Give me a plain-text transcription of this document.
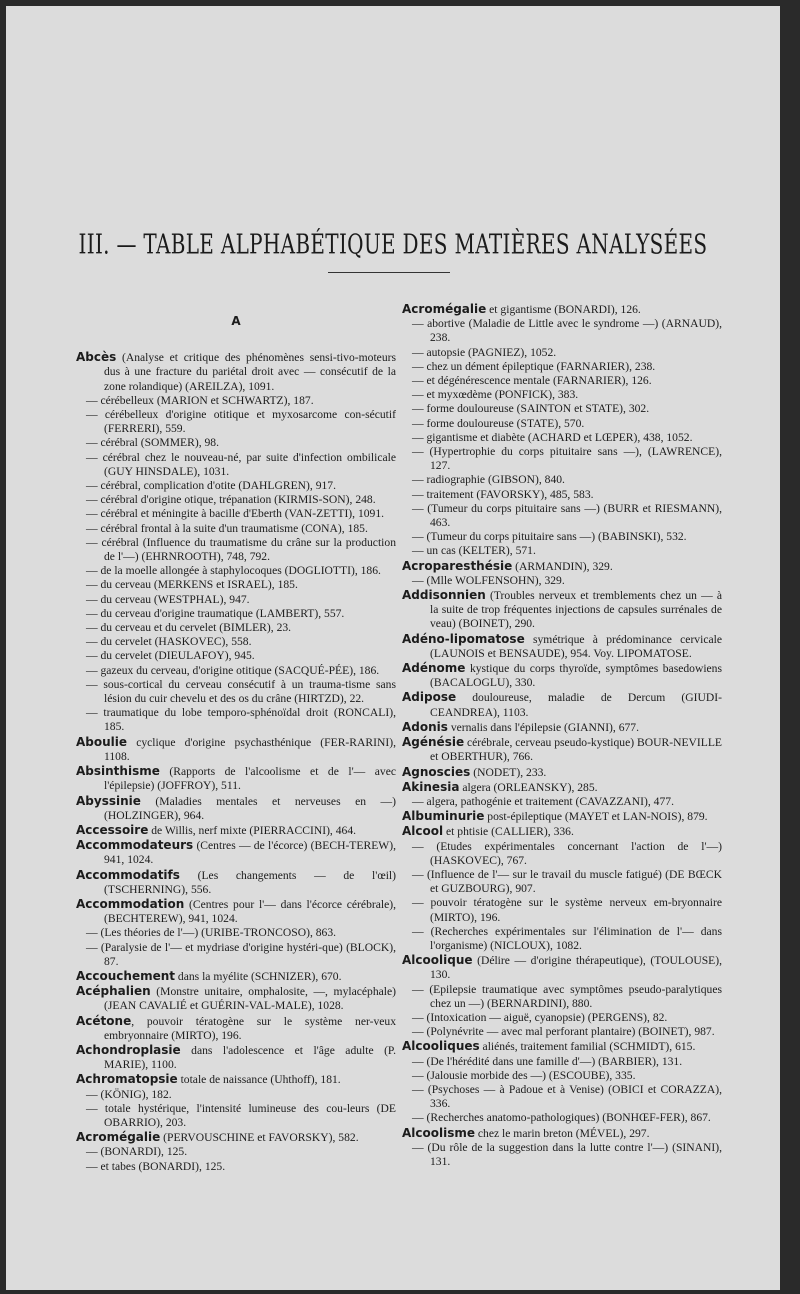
III. — TABLE ALPHABÉTIQUE DES MATIÈRES ANALYSÉES
A
Abcès (Analyse et critique des phénomènes sensi-tivo-moteurs dus à une fracture du pariétal droit avec — consécutif de la zone rolandique) (AREILZA), 1091.
— cérébelleux (MARION et SCHWARTZ), 187.
— cérébelleux d'origine otitique et myxosarcome con-sécutif (FERRERI), 559.
— cérébral (SOMMER), 98.
— cérébral chez le nouveau-né, par suite d'infection ombilicale (GUY HINSDALE), 1031.
— cérébral, complication d'otite (DAHLGREN), 917.
— cérébral d'origine otique, trépanation (KIRMIS-SON), 248.
— cérébral et méningite à bacille d'Eberth (VAN-ZETTI), 1091.
— cérébral frontal à la suite d'un traumatisme (CONA), 185.
— cérébral (Influence du traumatisme du crâne sur la production de l'—) (EHRNROOTH), 748, 792.
— de la moelle allongée à staphylocoques (DOGLIOTTI), 186.
— du cerveau (MERKENS et ISRAEL), 185.
— du cerveau (WESTPHAL), 947.
— du cerveau d'origine traumatique (LAMBERT), 557.
— du cerveau et du cervelet (BIMLER), 23.
— du cervelet (HASKOVEC), 558.
— du cervelet (DIEULAFOY), 945.
— gazeux du cerveau, d'origine otitique (SACQUÉ-PÉE), 186.
— sous-cortical du cerveau consécutif à un trauma-tisme sans lésion du cuir chevelu et des os du crâne (HIRTZD), 22.
— traumatique du lobe temporo-sphénoïdal droit (RONCALI), 185.
Aboulie cyclique d'origine psychasthénique (FER-RARINI), 1108.
Absinthisme (Rapports de l'alcoolisme et de l'— avec l'épilepsie) (JOFFROY), 511.
Abyssinie (Maladies mentales et nerveuses en —) (HOLZINGER), 964.
Accessoire de Willis, nerf mixte (PIERRACCINI), 464.
Accommodateurs (Centres — de l'écorce) (BECH-TEREW), 941, 1024.
Accommodatifs (Les changements — de l'œil) (TSCHERNING), 556.
Accommodation (Centres pour l'— dans l'écorce cérébrale), (BECHTEREW), 941, 1024.
— (Les théories de l'—) (URIBE-TRONCOSO), 863.
— (Paralysie de l'— et mydriase d'origine hystéri-que) (BLOCK), 87.
Accouchement dans la myélite (SCHNIZER), 670.
Acéphalien (Monstre unitaire, omphalosite, —, mylacéphale) (JEAN CAVALIÉ et GUÉRIN-VAL-MALE), 1028.
Acétone, pouvoir tératogène sur le système ner-veux embryonnaire (MIRTO), 196.
Achondroplasie dans l'adolescence et l'âge adulte (P. MARIE), 1100.
Achromatopsie totale de naissance (Uhthoff), 181.
— (KÖNIG), 182.
— totale hystérique, l'intensité lumineuse des cou-leurs (DE OBARRIO), 203.
Acromégalie (PERVOUSCHINE et FAVORSKY), 582.
— (BONARDI), 125.
— et tabes (BONARDI), 125.
Acromégalie et gigantisme (BONARDI), 126.
— abortive (Maladie de Little avec le syndrome —) (ARNAUD), 238.
— autopsie (PAGNIEZ), 1052.
— chez un dément épileptique (FARNARIER), 238.
— et dégénérescence mentale (FARNARIER), 126.
— et myxœdème (PONFICK), 383.
— forme douloureuse (SAINTON et STATE), 302.
— forme douloureuse (STATE), 570.
— gigantisme et diabète (ACHARD et LŒPER), 438, 1052.
— (Hypertrophie du corps pituitaire sans —), (LAWRENCE), 127.
— radiographie (GIBSON), 840.
— traitement (FAVORSKY), 485, 583.
— (Tumeur du corps pituitaire sans —) (BURR et RIESMANN), 463.
— (Tumeur du corps pituitaire sans —) (BABINSKI), 532.
— un cas (KELTER), 571.
Acroparesthésie (ARMANDIN), 329.
— (Mlle WOLFENSOHN), 329.
Addisonnien (Troubles nerveux et tremblements chez un — à la suite de trop fréquentes injections de capsules surrénales de veau) (BOINET), 290.
Adéno-lipomatose symétrique à prédominance cervicale (LAUNOIS et BENSAUDE), 954. Voy. LIPOMATOSE.
Adénome kystique du corps thyroïde, symptômes basedowiens (BACALOGLU), 330.
Adipose douloureuse, maladie de Dercum (GIUDI-CEANDREA), 1103.
Adonis vernalis dans l'épilepsie (GIANNI), 677.
Agénésie cérébrale, cerveau pseudo-kystique) BOUR-NEVILLE et OBERTHUR), 766.
Agnoscies (NODET), 233.
Akinesia algera (ORLEANSKY), 285.
— algera, pathogénie et traitement (CAVAZZANI), 477.
Albuminurie post-épileptique (MAYET et LAN-NOIS), 879.
Alcool et phtisie (CALLIER), 336.
— (Etudes expérimentales concernant l'action de l'—) (HASKOVEC), 767.
— (Influence de l'— sur le travail du muscle fatigué) (DE BŒCK et GUZBOURG), 907.
— pouvoir tératogène sur le système nerveux em-bryonnaire (MIRTO), 196.
— (Recherches expérimentales sur l'élimination de l'— dans l'organisme) (NICLOUX), 1082.
Alcoolique (Délire — d'origine thérapeutique), (TOULOUSE), 130.
— (Epilepsie traumatique avec symptômes pseudo-paralytiques chez un —) (BERNARDINI), 880.
— (Intoxication — aiguë, cyanopsie) (PERGENS), 82.
— (Polynévrite — avec mal perforant plantaire) (BOINET), 987.
Alcooliques aliénés, traitement familial (SCHMIDT), 615.
— (De l'hérédité dans une famille d'—) (BARBIER), 131.
— (Jalousie morbide des —) (ESCOUBE), 335.
— (Psychoses — à Padoue et à Venise) (OBICI et CORAZZA), 336.
— (Recherches anatomo-pathologiques) (BONHŒF-FER), 867.
Alcoolisme chez le marin breton (MÉVEL), 297.
— (Du rôle de la suggestion dans la lutte contre l'—) (SINANI), 131.
